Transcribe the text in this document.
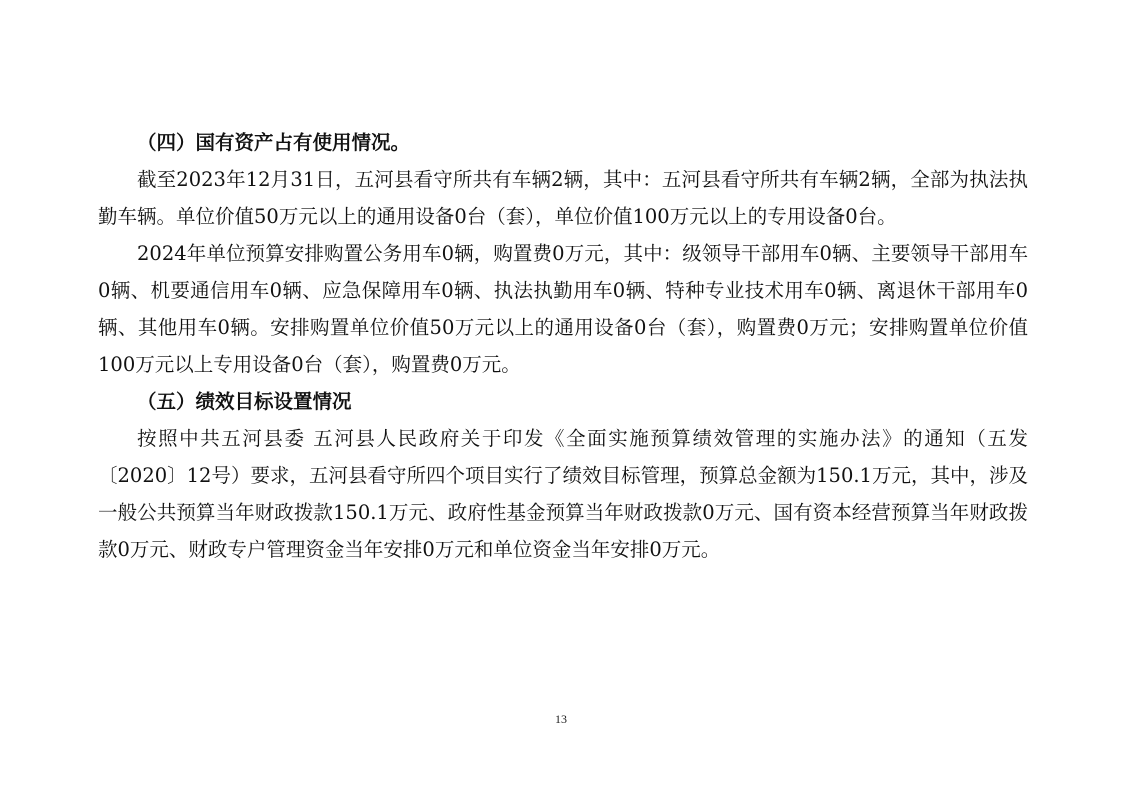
（四）国有资产占有使用情况。

截至2023年12月31日，五河县看守所共有车辆2辆，其中：五河县看守所共有车辆2辆，全部为执法执勤车辆。单位价值50万元以上的通用设备0台（套），单位价值100万元以上的专用设备0台。

2024年单位预算安排购置公务用车0辆，购置费0万元，其中：级领导干部用车0辆、主要领导干部用车0辆、机要通信用车0辆、应急保障用车0辆、执法执勤用车0辆、特种专业技术用车0辆、离退休干部用车0辆、其他用车0辆。安排购置单位价值50万元以上的通用设备0台（套），购置费0万元；安排购置单位价值100万元以上专用设备0台（套），购置费0万元。

（五）绩效目标设置情况

按照中共五河县委 五河县人民政府关于印发《全面实施预算绩效管理的实施办法》的通知（五发〔2020〕12号）要求，五河县看守所四个项目实行了绩效目标管理，预算总金额为150.1万元，其中，涉及一般公共预算当年财政拨款150.1万元、政府性基金预算当年财政拨款0万元、国有资本经营预算当年财政拨款0万元、财政专户管理资金当年安排0万元和单位资金当年安排0万元。

13
